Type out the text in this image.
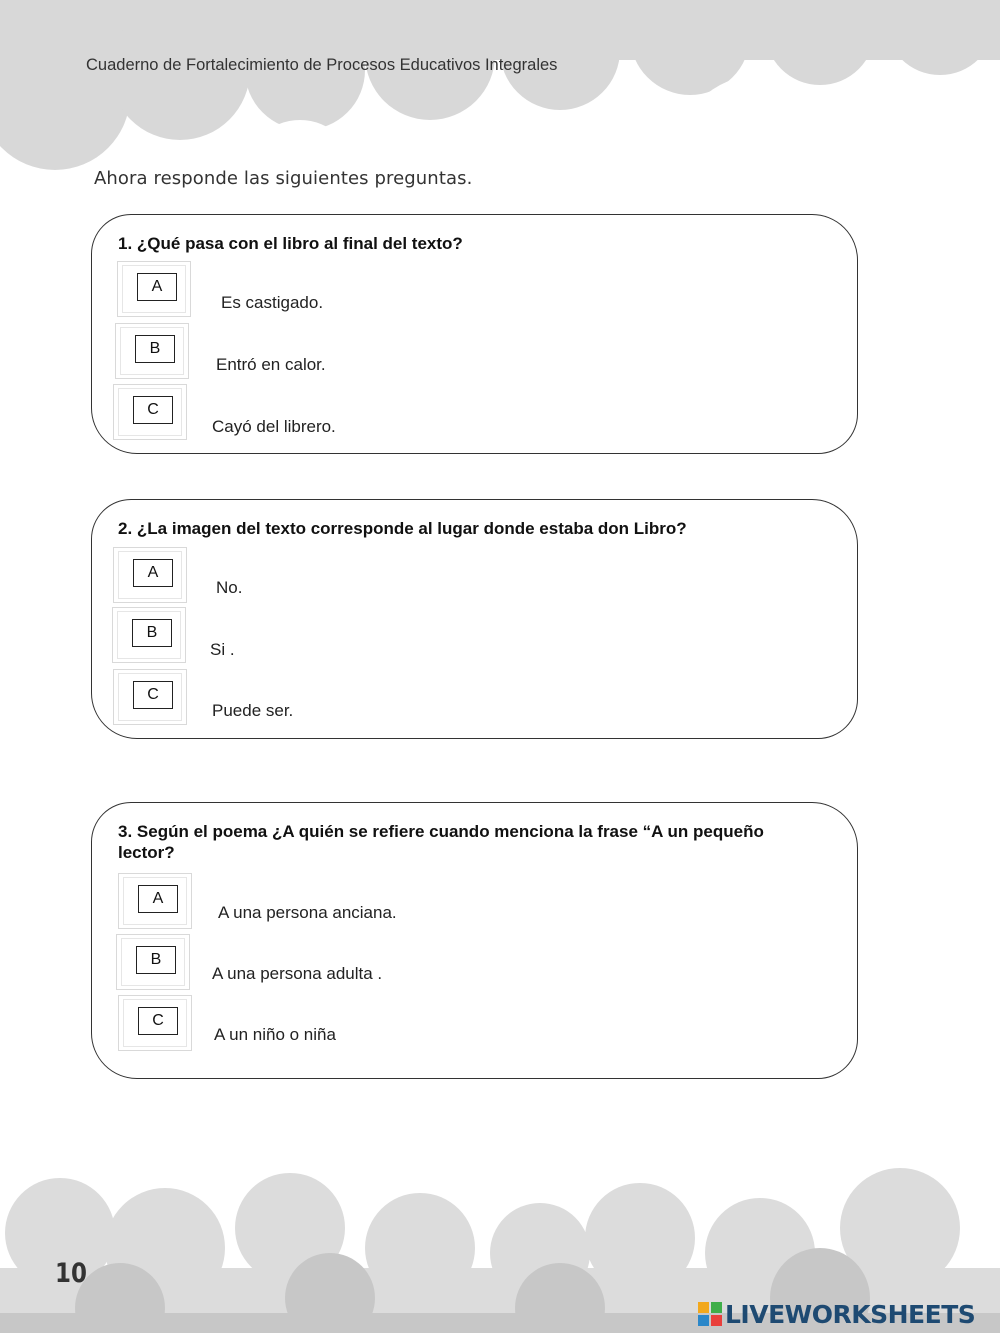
Cuaderno de Fortalecimiento de Procesos Educativos Integrales
Ahora responde las siguientes preguntas.
1. ¿Qué pasa con el libro al final del texto?
A
Es castigado.
B
Entró en calor.
C
Cayó del librero.
2. ¿La imagen del texto corresponde al lugar donde estaba don Libro?
A
No.
B
Si .
C
Puede ser.
3. Según el poema ¿A quién se refiere cuando menciona la frase “A un pequeño lector?
A
A una persona anciana.
B
A una persona adulta .
C
A un niño o niña
10
LIVEWORKSHEETS
